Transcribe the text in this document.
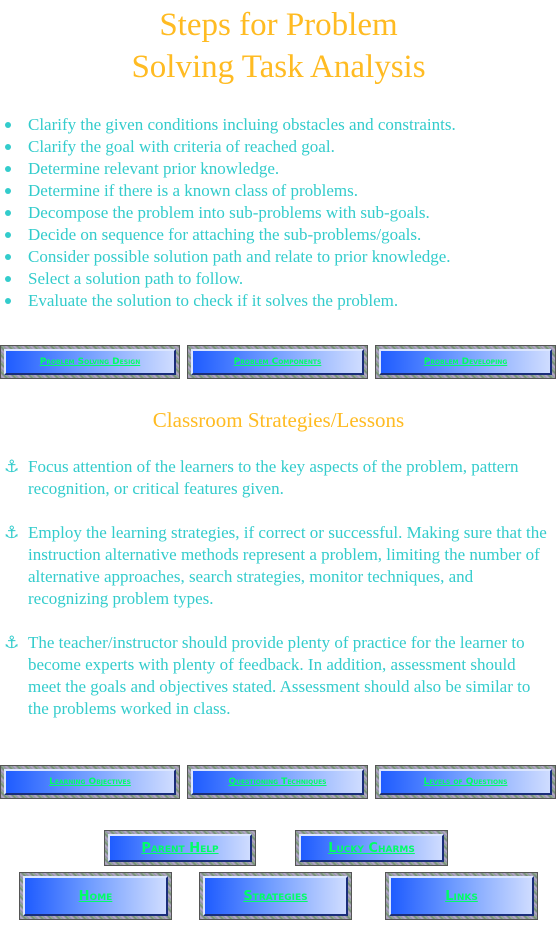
Steps for Problem
Solving Task Analysis
Clarify the given conditions incluing obstacles and constraints.
Clarify the goal with criteria of reached goal.
Determine relevant prior knowledge.
Determine if there is a known class of problems.
Decompose the problem into sub-problems with sub-goals.
Decide on sequence for attaching the sub-problems/goals.
Consider possible solution path and relate to prior knowledge.
Select a solution path to follow.
Evaluate the solution to check if it solves the problem.
Problem Solving Design	Problem Components	Problem Developing
Classroom Strategies/Lessons
⚓ Focus attention of the learners to the key aspects of the problem, pattern recognition, or critical features given.
⚓ Employ the learning strategies, if correct or successful. Making sure that the instruction alternative methods represent a problem, limiting the number of alternative approaches, search strategies, monitor techniques, and recognizing problem types.
⚓ The teacher/instructor should provide plenty of practice for the learner to become experts with plenty of feedback. In addition, assessment should meet the goals and objectives stated. Assessment should also be similar to the problems worked in class.
Learning Objectives	Questioning Techniques	Levels of Questions
Parent Help	Lucky Charms
Home	Strategies	Links
